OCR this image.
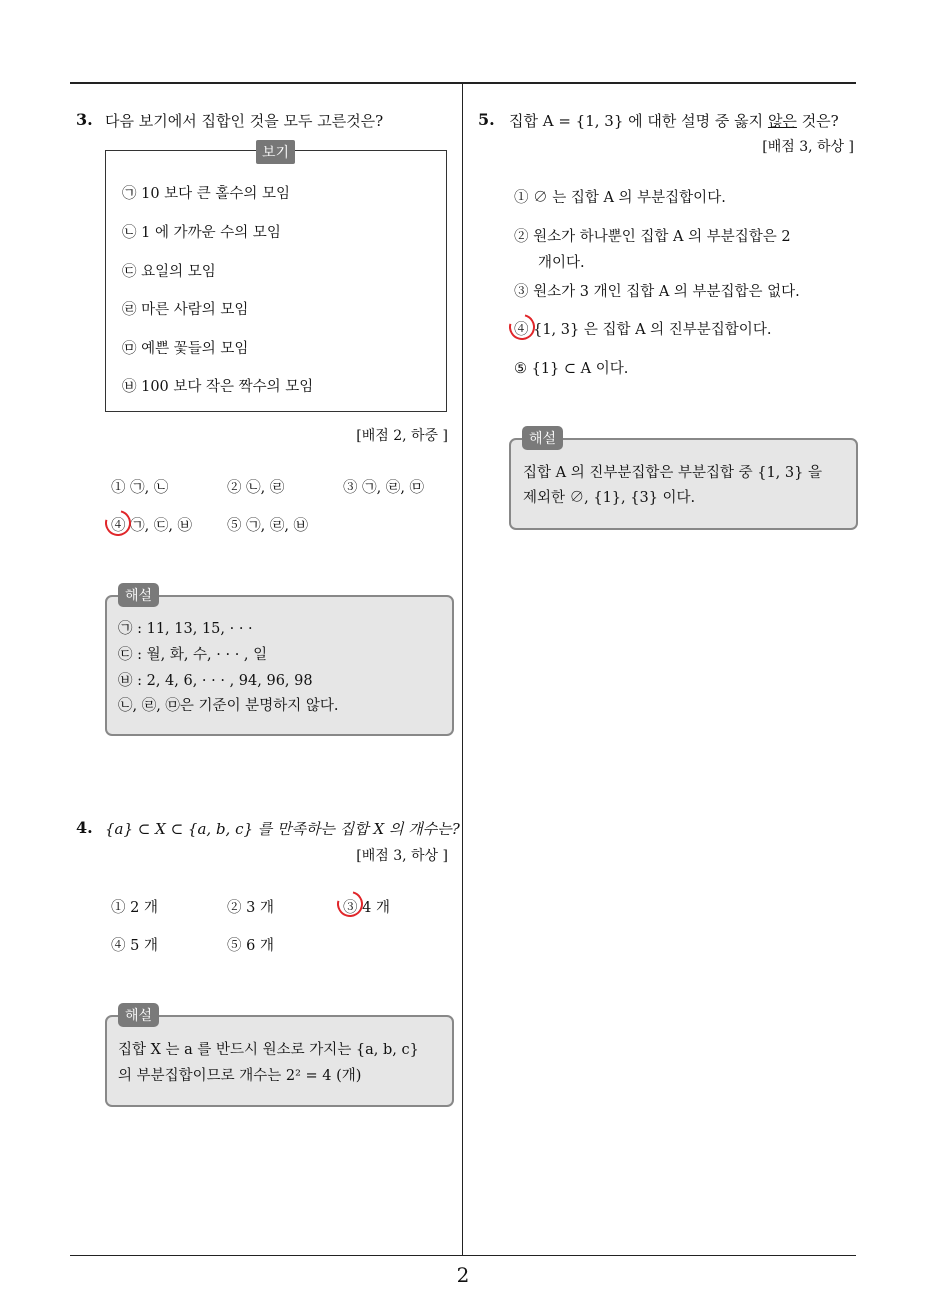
3. 다음 보기에서 집합인 것을 모두 고른것은?
보기
㉠ 10 보다 큰 홀수의 모임
㉡ 1 에 가까운 수의 모임
㉢ 요일의 모임
㉣ 마른 사람의 모임
㉤ 예쁜 꽃들의 모임
㉥ 100 보다 작은 짝수의 모임
[배점 2, 하중 ]
① ㉠, ㉡	② ㉡, ㉣	③ ㉠, ㉣, ㉤
④ ㉠, ㉢, ㉥ ⑤ ㉠, ㉣, ㉥
해설
㉠ : 11, 13, 15, · · ·
㉢ : 월, 화, 수, · · · , 일
㉥ : 2, 4, 6, · · · , 94, 96, 98
㉡, ㉣, ㉤은 기준이 분명하지 않다.
4. {a} ⊂ X ⊂ {a, b, c} 를 만족하는 집합 X 의 개수는?
[배점 3, 하상 ]
① 2 개	② 3 개	③ 4 개
④ 5 개	⑤ 6 개
해설
집합 X 는 a 를 반드시 원소로 가지는 {a, b, c}
의 부분집합이므로 개수는 2² = 4 (개)
5. 집합 A = {1, 3} 에 대한 설명 중 옳지 않은 것은?
[배점 3, 하상 ]
① ∅ 는 집합 A 의 부분집합이다.
② 원소가 하나뿐인 집합 A 의 부분집합은 2
개이다.
③ 원소가 3 개인 집합 A 의 부분집합은 없다.
④ {1, 3} 은 집합 A 의 진부분집합이다.
⑤ {1} ⊂ A 이다.
해설
집합 A 의 진부분집합은 부분집합 중 {1, 3} 을
제외한 ∅, {1}, {3} 이다.
2
